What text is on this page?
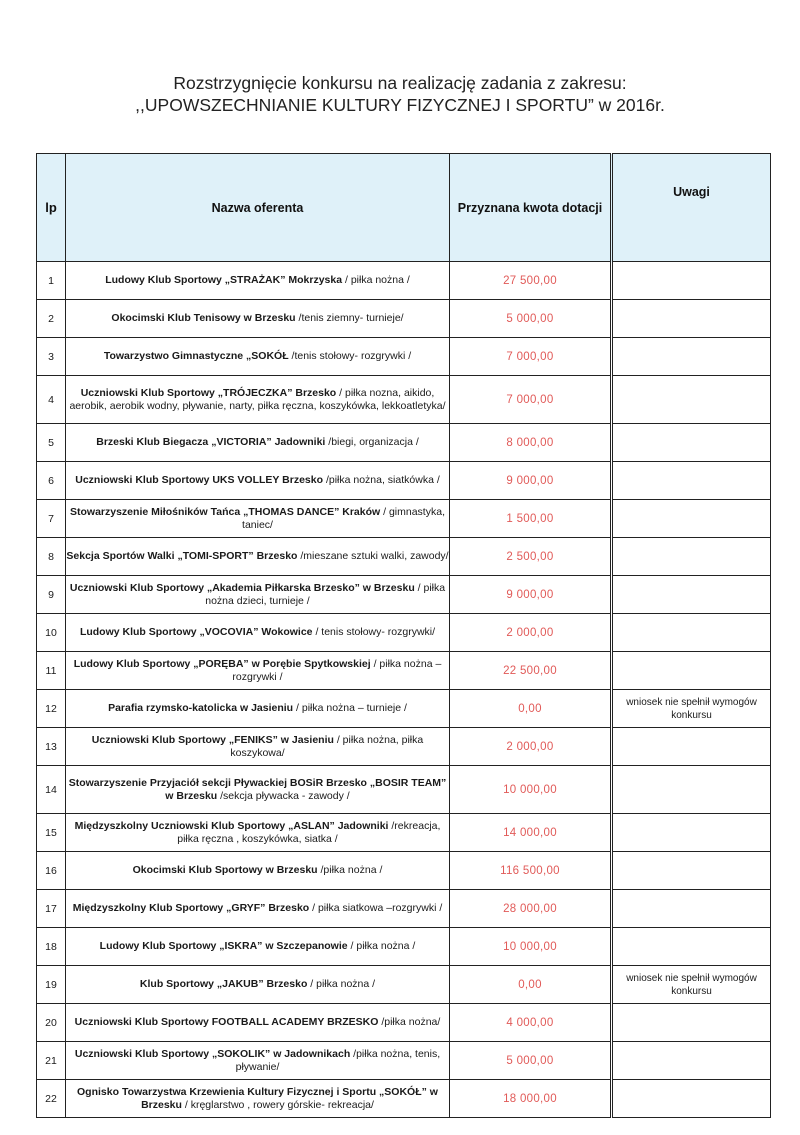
Rozstrzygnięcie konkursu na realizację zadania z zakresu:
,,UPOWSZECHNIANIE KULTURY FIZYCZNEJ I SPORTU” w 2016r.
lp	Nazwa oferenta	Przyznana kwota dotacji	Uwagi
1	Ludowy Klub Sportowy „STRAŻAK” Mokrzyska / piłka nożna /	27 500,00	
2	Okocimski Klub Tenisowy w Brzesku /tenis ziemny- turnieje/	5 000,00	
3	Towarzystwo Gimnastyczne „SOKÓŁ /tenis stołowy- rozgrywki /	7 000,00	
4	Uczniowski Klub Sportowy „TRÓJECZKA” Brzesko / piłka nozna, aikido, aerobik, aerobik wodny, pływanie, narty, piłka ręczna, koszykówka, lekkoatletyka/	7 000,00	
5	Brzeski Klub Biegacza „VICTORIA” Jadowniki /biegi, organizacja /	8 000,00	
6	Uczniowski Klub Sportowy UKS VOLLEY Brzesko /piłka nożna, siatkówka /	9 000,00	
7	Stowarzyszenie Miłośników Tańca „THOMAS DANCE” Kraków / gimnastyka, taniec/	1 500,00	
8	Sekcja Sportów Walki „TOMI-SPORT” Brzesko /mieszane sztuki walki, zawody/	2 500,00	
9	Uczniowski Klub Sportowy „Akademia Piłkarska Brzesko” w Brzesku / piłka nożna dzieci, turnieje /	9 000,00	
10	Ludowy Klub Sportowy „VOCOVIA” Wokowice / tenis stołowy- rozgrywki/	2 000,00	
11	Ludowy Klub Sportowy „PORĘBA” w Porębie Spytkowskiej / piłka nożna – rozgrywki /	22 500,00	
12	Parafia rzymsko-katolicka w Jasieniu / piłka nożna – turnieje /	0,00	wniosek nie spełnił wymogów konkursu
13	Uczniowski Klub Sportowy „FENIKS” w Jasieniu / piłka nożna, piłka koszykowa/	2 000,00	
14	Stowarzyszenie Przyjaciół sekcji Pływackiej BOSiR Brzesko „BOSIR TEAM” w Brzesku /sekcja pływacka - zawody /	10 000,00	
15	Międzyszkolny Uczniowski Klub Sportowy „ASLAN” Jadowniki /rekreacja, piłka ręczna , koszykówka, siatka /	14 000,00	
16	Okocimski Klub Sportowy w Brzesku /piłka nożna /	116 500,00	
17	Międzyszkolny Klub Sportowy „GRYF” Brzesko / piłka siatkowa –rozgrywki /	28 000,00	
18	Ludowy Klub Sportowy „ISKRA” w Szczepanowie / piłka nożna /	10 000,00	
19	Klub Sportowy „JAKUB” Brzesko / piłka nożna /	0,00	wniosek nie spełnił wymogów konkursu
20	Uczniowski Klub Sportowy FOOTBALL ACADEMY BRZESKO /piłka nożna/	4 000,00	
21	Uczniowski Klub Sportowy „SOKOLIK” w Jadownikach /piłka nożna, tenis, pływanie/	5 000,00	
22	Ognisko Towarzystwa Krzewienia Kultury Fizycznej i Sportu „SOKÓŁ” w Brzesku / kręglarstwo , rowery górskie- rekreacja/	18 000,00	
